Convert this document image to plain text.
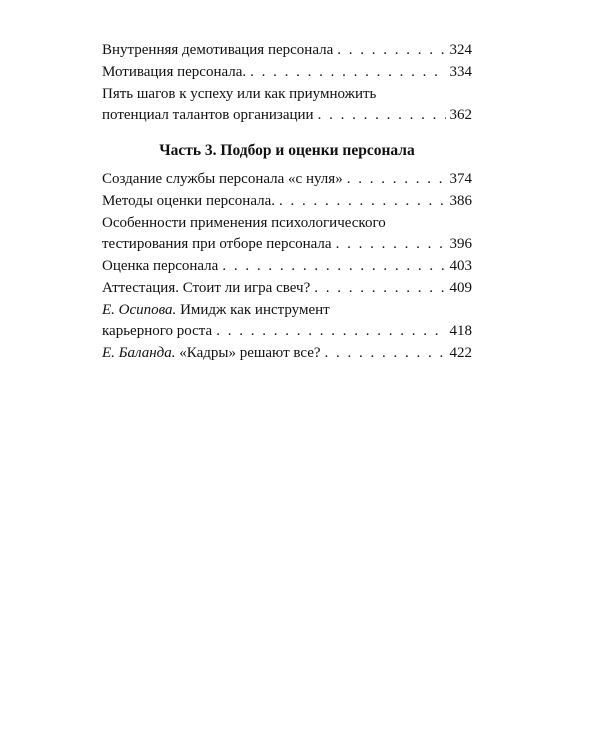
Внутренняя демотивация персонала . . .	324
Мотивация персонала. . . .	334
Пять шагов к успеху или как приумножить
потенциал талантов организации . . .	362
Часть 3. Подбор и оценки персонала
Создание службы персонала «с нуля» . . .	374
Методы оценки персонала. . . .	386
Особенности применения психологического
тестирования при отборе персонала . . .	396
Оценка персонала . . .	403
Аттестация. Стоит ли игра свеч? . . .	409
Е. Осипова. Имидж как инструмент
карьерного роста . . .	418
Е. Баланда. «Кадры» решают все? . . .	422
